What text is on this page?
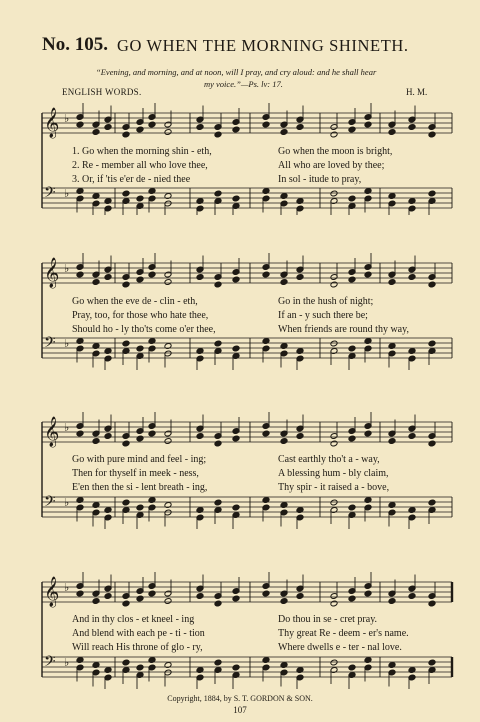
No. 105. GO WHEN THE MORNING SHINETH.
“Evening, and morning, and at noon, will I pray, and cry aloud: and he shall hear
my voice.”—Ps. lv: 17.
ENGLISH WORDS.	H. M.
𝄞 ♭
𝄢 ♭
1. Go when the morning shin - eth,	Go when the moon is bright,
2. Re - member all who love thee,	All who are loved by thee;
3. Or, if 'tis e'er de - nied thee	In sol - itude to pray,
𝄞 ♭
𝄢 ♭
Go when the eve de - clin - eth,	Go in the hush of night;
Pray, too, for those who hate thee,	If an - y such there be;
Should ho - ly tho'ts come o'er thee,	When friends are round thy way,
𝄞 ♭
𝄢 ♭
Go with pure mind and feel - ing;	Cast earthly tho't a - way,
Then for thyself in meek - ness,	A blessing hum - bly claim,
E'en then the si - lent breath - ing,	Thy spir - it raised a - bove,
𝄞 ♭
𝄢 ♭
And in thy clos - et kneel - ing	Do thou in se - cret pray.
And blend with each pe - ti - tion	Thy great Re - deem - er's name.
Will reach His throne of glo - ry,	Where dwells e - ter - nal love.
Copyright, 1884, by S. T. GORDON & SON.
107
